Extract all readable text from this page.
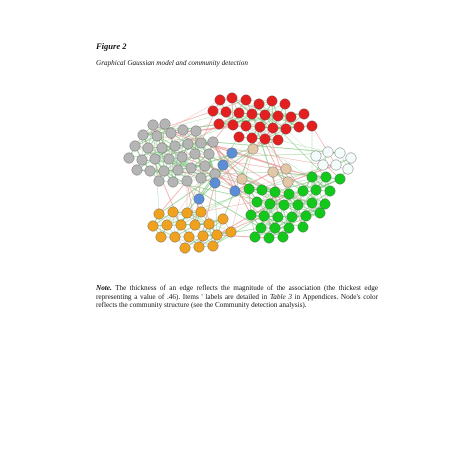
Figure 2
Graphical Gaussian model and community detection
Note. The thickness of an edge reflects the magnitude of the association (the thickest edge representing a value of .46). Items ' labels are detailed in Table 3 in Appendices. Node's color reflects the community structure (see the Community detection analysis).
